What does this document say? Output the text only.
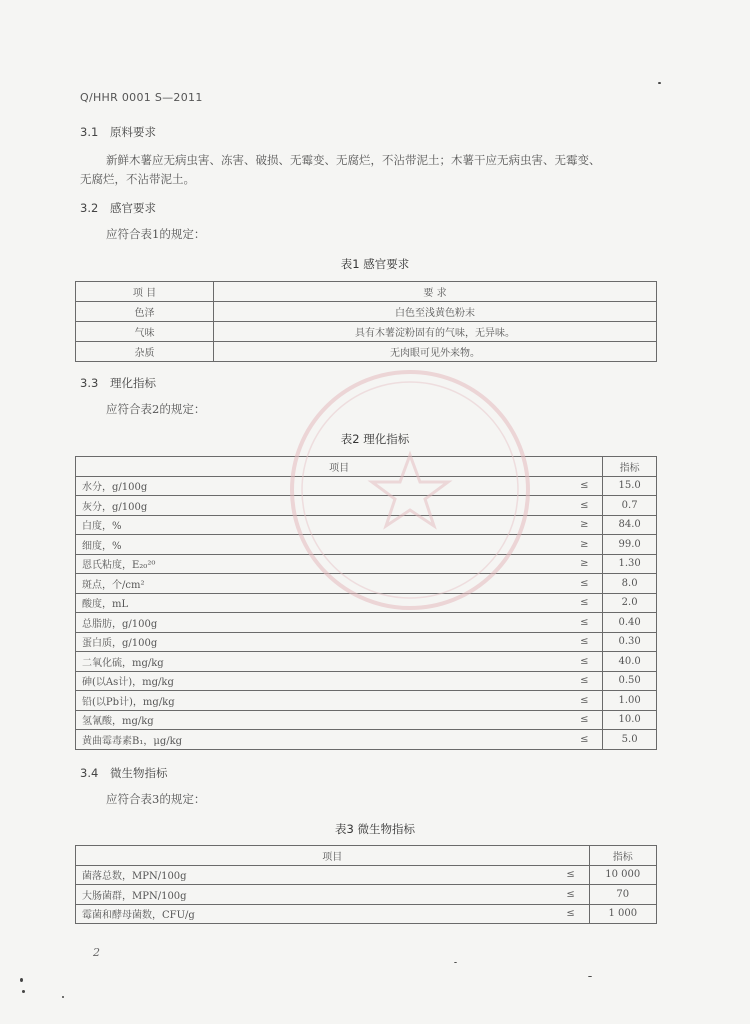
Q/HHR 0001 S—2011
3.1 原料要求
新鲜木薯应无病虫害、冻害、破损、无霉变、无腐烂，不沾带泥土；木薯干应无病虫害、无霉变、
无腐烂，不沾带泥土。
3.2 感官要求
应符合表1的规定：
表1 感官要求
项 目	要 求
色泽	白色至浅黄色粉末
气味	具有木薯淀粉固有的气味，无异味。
杂质	无肉眼可见外来物。
3.3 理化指标
应符合表2的规定：
表2 理化指标
项目		指标
水分，g/100g	≤	15.0
灰分，g/100g	≤	0.7
白度，%	≥	84.0
细度，%	≥	99.0
恩氏粘度，E₂₀²⁰	≥	1.30
斑点，个/cm²	≤	8.0
酸度，mL	≤	2.0
总脂肪，g/100g	≤	0.40
蛋白质，g/100g	≤	0.30
二氧化硫，mg/kg	≤	40.0
砷(以As计)，mg/kg	≤	0.50
铅(以Pb计)，mg/kg	≤	1.00
氢氰酸，mg/kg	≤	10.0
黄曲霉毒素B₁，μg/kg	≤	5.0
3.4 微生物指标
应符合表3的规定：
表3 微生物指标
项目		指标
菌落总数，MPN/100g	≤	10 000
大肠菌群，MPN/100g	≤	70
霉菌和酵母菌数，CFU/g	≤	1 000
2
